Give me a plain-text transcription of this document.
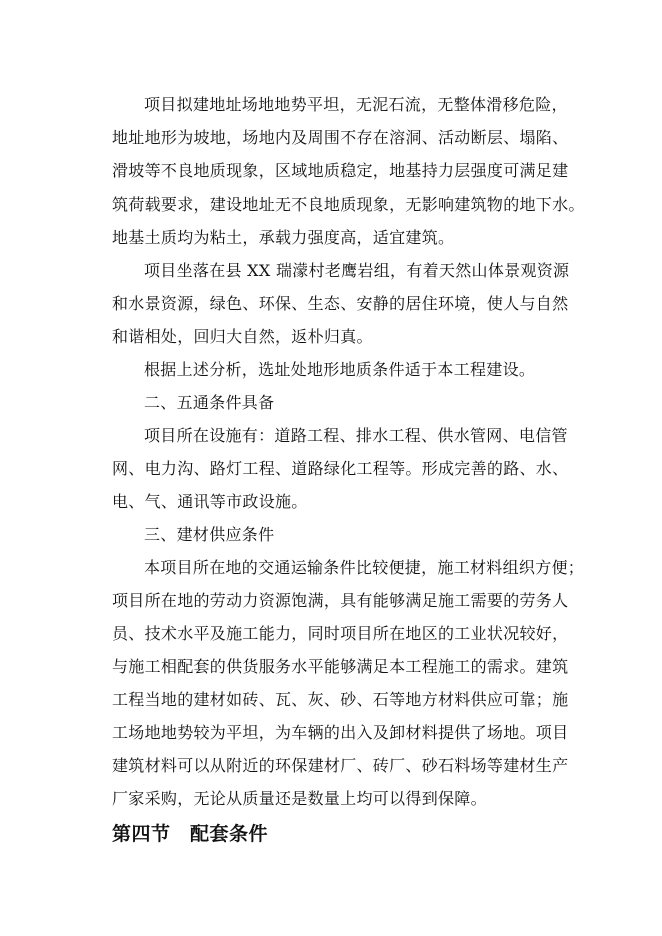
项目拟建地址场地地势平坦，无泥石流，无整体滑移危险，
地址地形为坡地，场地内及周围不存在溶洞、活动断层、塌陷、
滑坡等不良地质现象，区域地质稳定，地基持力层强度可满足建
筑荷载要求，建设地址无不良地质现象，无影响建筑物的地下水。
地基土质均为粘土，承载力强度高，适宜建筑。
项目坐落在县 XX 瑞濛村老鹰岩组，有着天然山体景观资源
和水景资源，绿色、环保、生态、安静的居住环境，使人与自然
和谐相处，回归大自然，返朴归真。
根据上述分析，选址处地形地质条件适于本工程建设。
二、五通条件具备
项目所在设施有：道路工程、排水工程、供水管网、电信管
网、电力沟、路灯工程、道路绿化工程等。形成完善的路、水、
电、气、通讯等市政设施。
三、建材供应条件
本项目所在地的交通运输条件比较便捷，施工材料组织方便；
项目所在地的劳动力资源饱满，具有能够满足施工需要的劳务人
员、技术水平及施工能力，同时项目所在地区的工业状况较好，
与施工相配套的供货服务水平能够满足本工程施工的需求。建筑
工程当地的建材如砖、瓦、灰、砂、石等地方材料供应可靠；施
工场地地势较为平坦，为车辆的出入及卸材料提供了场地。项目
建筑材料可以从附近的环保建材厂、砖厂、砂石料场等建材生产
厂家采购，无论从质量还是数量上均可以得到保障。
第四节　配套条件
